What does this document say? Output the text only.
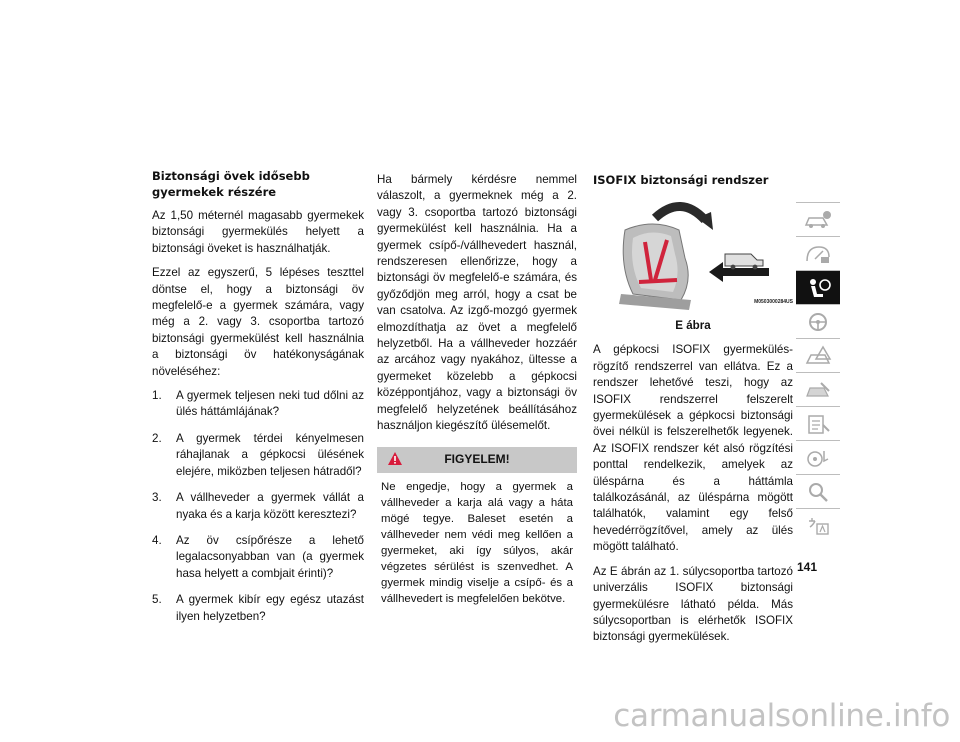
Biztonsági övek idősebb gyermekek részére

Az 1,50 méternél magasabb gyermekek biztonsági gyermekülés helyett a biztonsági öveket is használhatják.

Ezzel az egyszerű, 5 lépéses teszttel döntse el, hogy a biztonsági öv megfelelő-e a gyermek számára, vagy még a 2. vagy 3. csoportba tartozó biztonsági gyermekülést kell használnia a biztonsági öv hatékonyságának növeléséhez:

1. A gyermek teljesen neki tud dőlni az ülés háttámlájának?
2. A gyermek térdei kényelmesen ráhajlanak a gépkocsi ülésének elejére, miközben teljesen hátradől?
3. A vállheveder a gyermek vállát a nyaka és a karja között keresztezi?
4. Az öv csípőrésze a lehető legalacsonyabban van (a gyermek hasa helyett a combjait érinti)?
5. A gyermek kibír egy egész utazást ilyen helyzetben?

Ha bármely kérdésre nemmel válaszolt, a gyermeknek még a 2. vagy 3. csoportba tartozó biztonsági gyermekülést kell használnia. Ha a gyermek csípő-/vállhevedert használ, rendszeresen ellenőrizze, hogy a biztonsági öv megfelelő-e számára, és győződjön meg arról, hogy a csat be van csatolva. Az izgő-mozgó gyermek elmozdíthatja az övet a megfelelő helyzetből. Ha a vállheveder hozzáér az arcához vagy nyakához, ültesse a gyermeket közelebb a gépkocsi középpontjához, vagy a biztonsági öv megfelelő helyzetének beállításához használjon kiegészítő ülésemelőt.

FIGYELEM!
Ne engedje, hogy a gyermek a vállheveder a karja alá vagy a háta mögé tegye. Baleset esetén a vállheveder nem védi meg kellően a gyermeket, aki így súlyos, akár végzetes sérülést is szenvedhet. A gyermek mindig viselje a csípő- és a vállhevedert is megfelelően bekötve.
ISOFIX biztonsági rendszer
M0503000284US
E ábra

A gépkocsi ISOFIX gyermekülés-rögzítő rendszerrel van ellátva. Ez a rendszer lehetővé teszi, hogy az ISOFIX rendszerrel felszerelt gyermekülések a gépkocsi biztonsági övei nélkül is felszerelhetők legyenek. Az ISOFIX rendszer két alsó rögzítési ponttal rendelkezik, amelyek az üléspárna és a háttámla találkozásánál, az üléspárna mögött találhatók, valamint egy felső hevedérrögzítővel, amely az ülés mögött található.

Az E ábrán az 1. súlycsoportba tartozó univerzális ISOFIX biztonsági gyermekülésre látható példa. Más súlycsoportban is elérhetők ISOFIX biztonsági gyermekülések.

141
carmanualsonline.info
